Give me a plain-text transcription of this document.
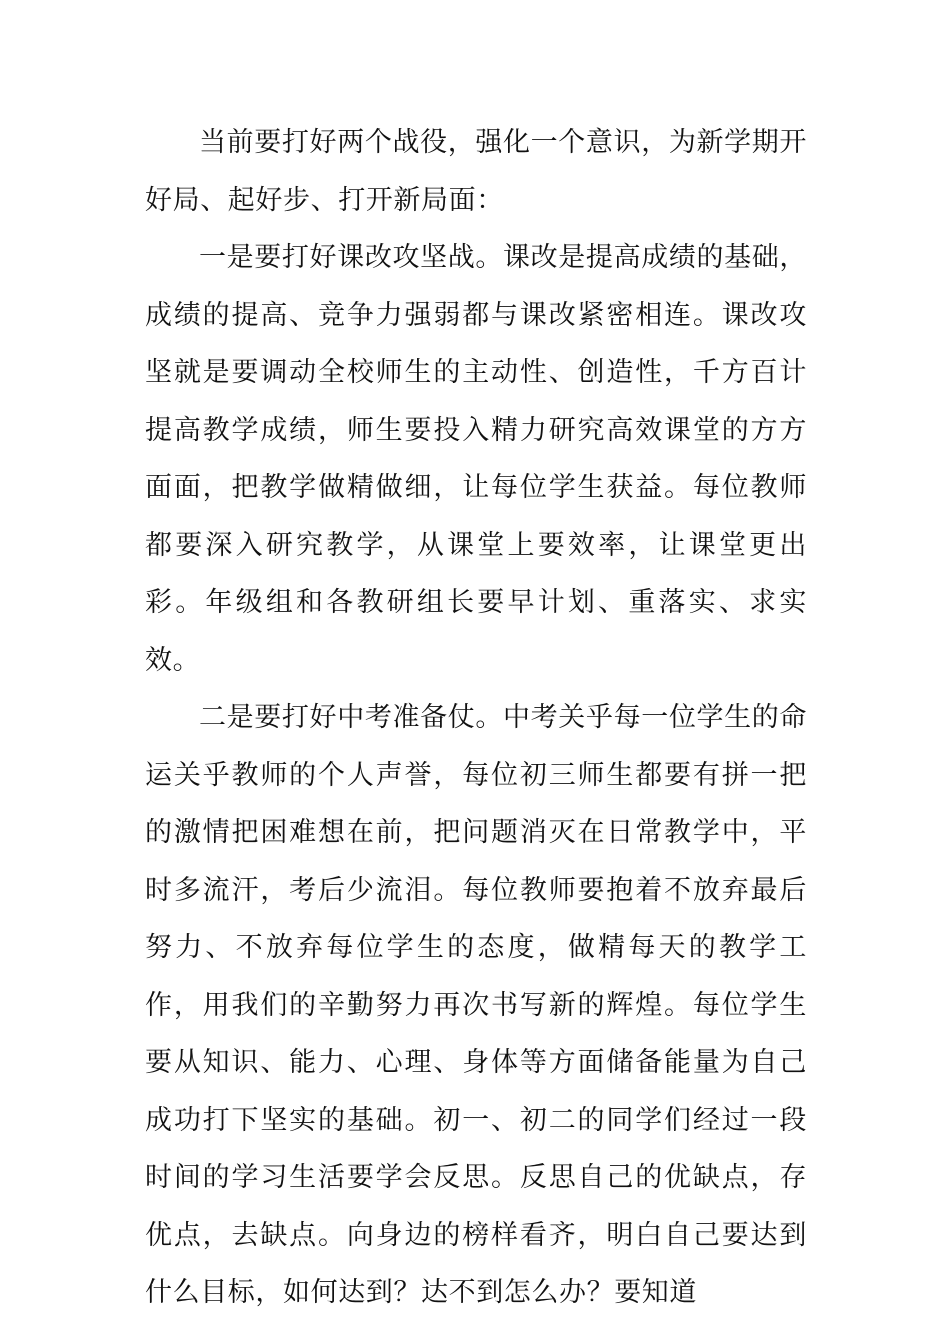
当前要打好两个战役，强化一个意识，为新学期开好局、起好步、打开新局面：

一是要打好课改攻坚战。课改是提高成绩的基础，成绩的提高、竞争力强弱都与课改紧密相连。课改攻坚就是要调动全校师生的主动性、创造性，千方百计提高教学成绩，师生要投入精力研究高效课堂的方方面面，把教学做精做细，让每位学生获益。每位教师都要深入研究教学，从课堂上要效率，让课堂更出彩。年级组和各教研组长要早计划、重落实、求实效。

二是要打好中考准备仗。中考关乎每一位学生的命运关乎教师的个人声誉，每位初三师生都要有拼一把的激情把困难想在前，把问题消灭在日常教学中，平时多流汗，考后少流泪。每位教师要抱着不放弃最后努力、不放弃每位学生的态度，做精每天的教学工作，用我们的辛勤努力再次书写新的辉煌。每位学生要从知识、能力、心理、身体等方面储备能量为自己成功打下坚实的基础。初一、初二的同学们经过一段时间的学习生活要学会反思。反思自己的优缺点，存优点，去缺点。向身边的榜样看齐，明白自己要达到什么目标，如何达到？达不到怎么办？要知道
